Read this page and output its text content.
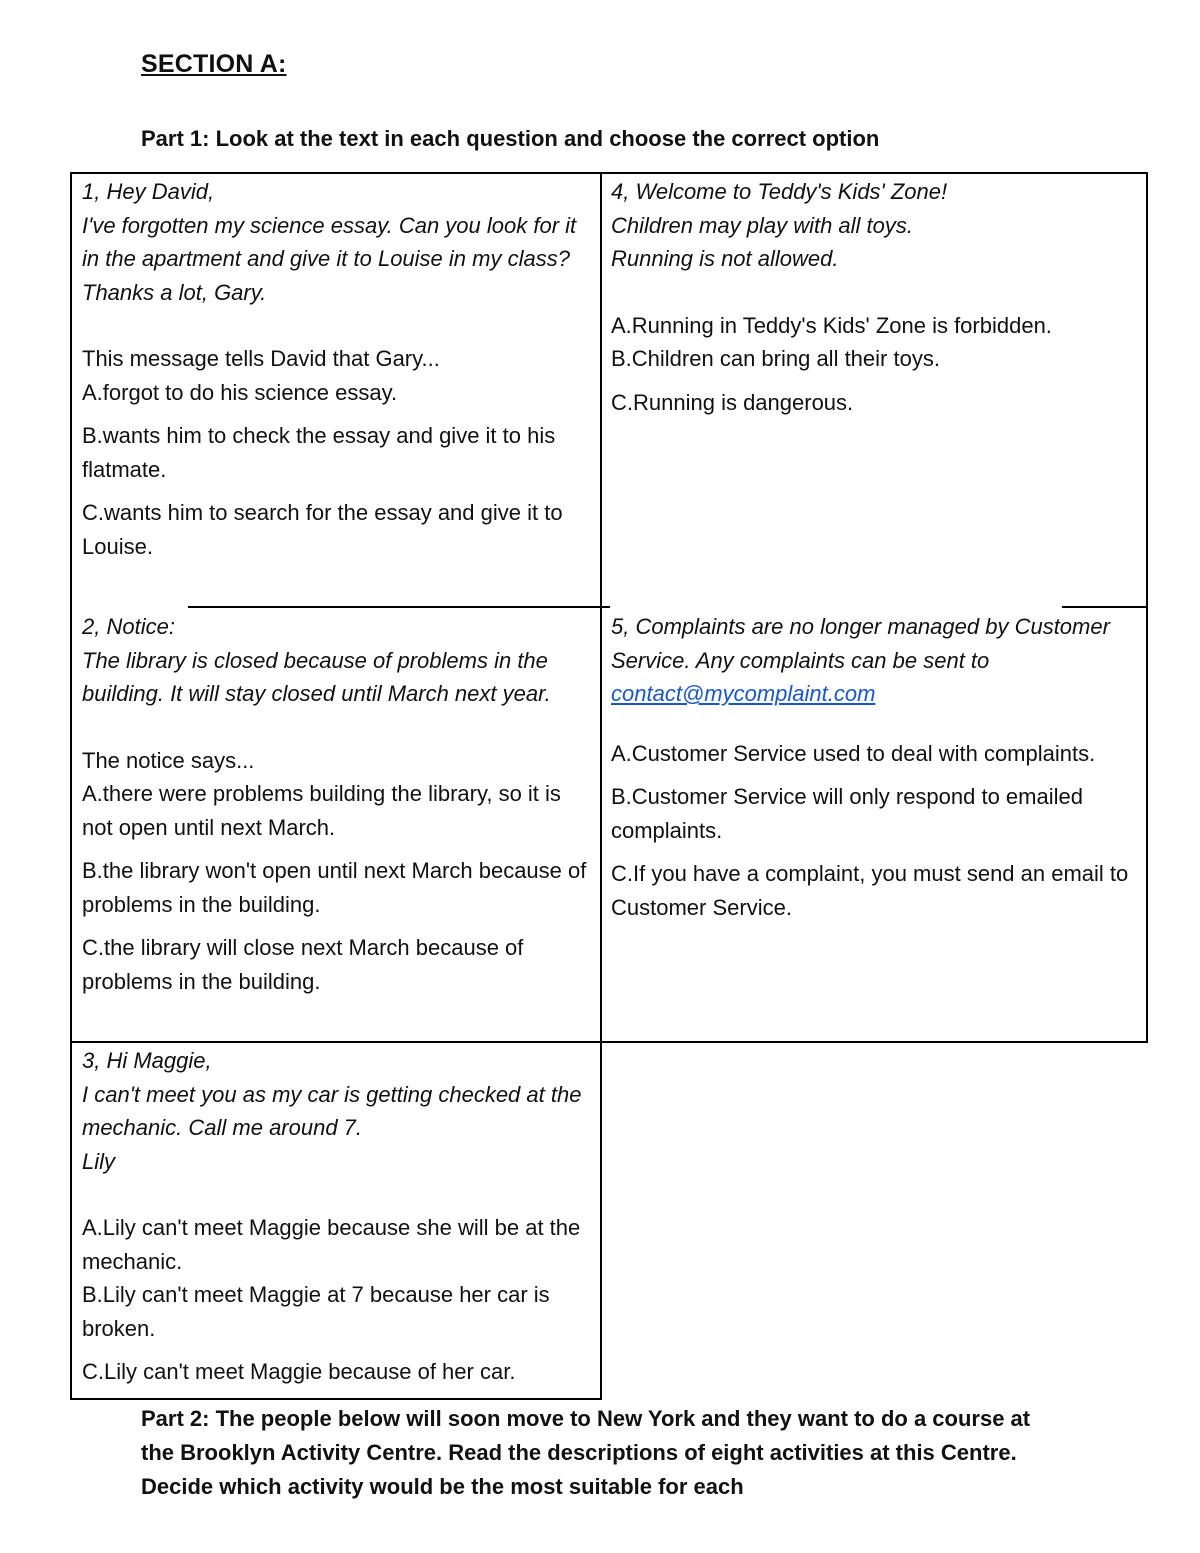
SECTION A:
Part 1: Look at the text in each question and choose the correct option

1, Hey David,

I've forgotten my science essay. Can you look for it in the apartment and give it to Louise in my class?

Thanks a lot, Gary.

This message tells David that Gary...

A.forgot to do his science essay.

B.wants him to check the essay and give it to his flatmate.

C.wants him to search for the essay and give it to Louise.

4, Welcome to Teddy's Kids' Zone!

Children may play with all toys.

Running is not allowed.

A.Running in Teddy's Kids' Zone is forbidden.

B.Children can bring all their toys.

C.Running is dangerous.

2, Notice:

The library is closed because of problems in the building. It will stay closed until March next year.

The notice says...

A.there were problems building the library, so it is not open until next March.

B.the library won't open until next March because of problems in the building.

C.the library will close next March because of problems in the building.

5, Complaints are no longer managed by Customer Service. Any complaints can be sent to contact@mycomplaint.com

A.Customer Service used to deal with complaints.

B.Customer Service will only respond to emailed complaints.

C.If you have a complaint, you must send an email to Customer Service.

3, Hi Maggie,

I can't meet you as my car is getting checked at the mechanic. Call me around 7.

Lily

A.Lily can't meet Maggie because she will be at the mechanic.

B.Lily can't meet Maggie at 7 because her car is broken.

C.Lily can't meet Maggie because of her car.

Part 2: The people below will soon move to New York and they want to do a course at the Brooklyn Activity Centre. Read the descriptions of eight activities at this Centre. Decide which activity would be the most suitable for each
